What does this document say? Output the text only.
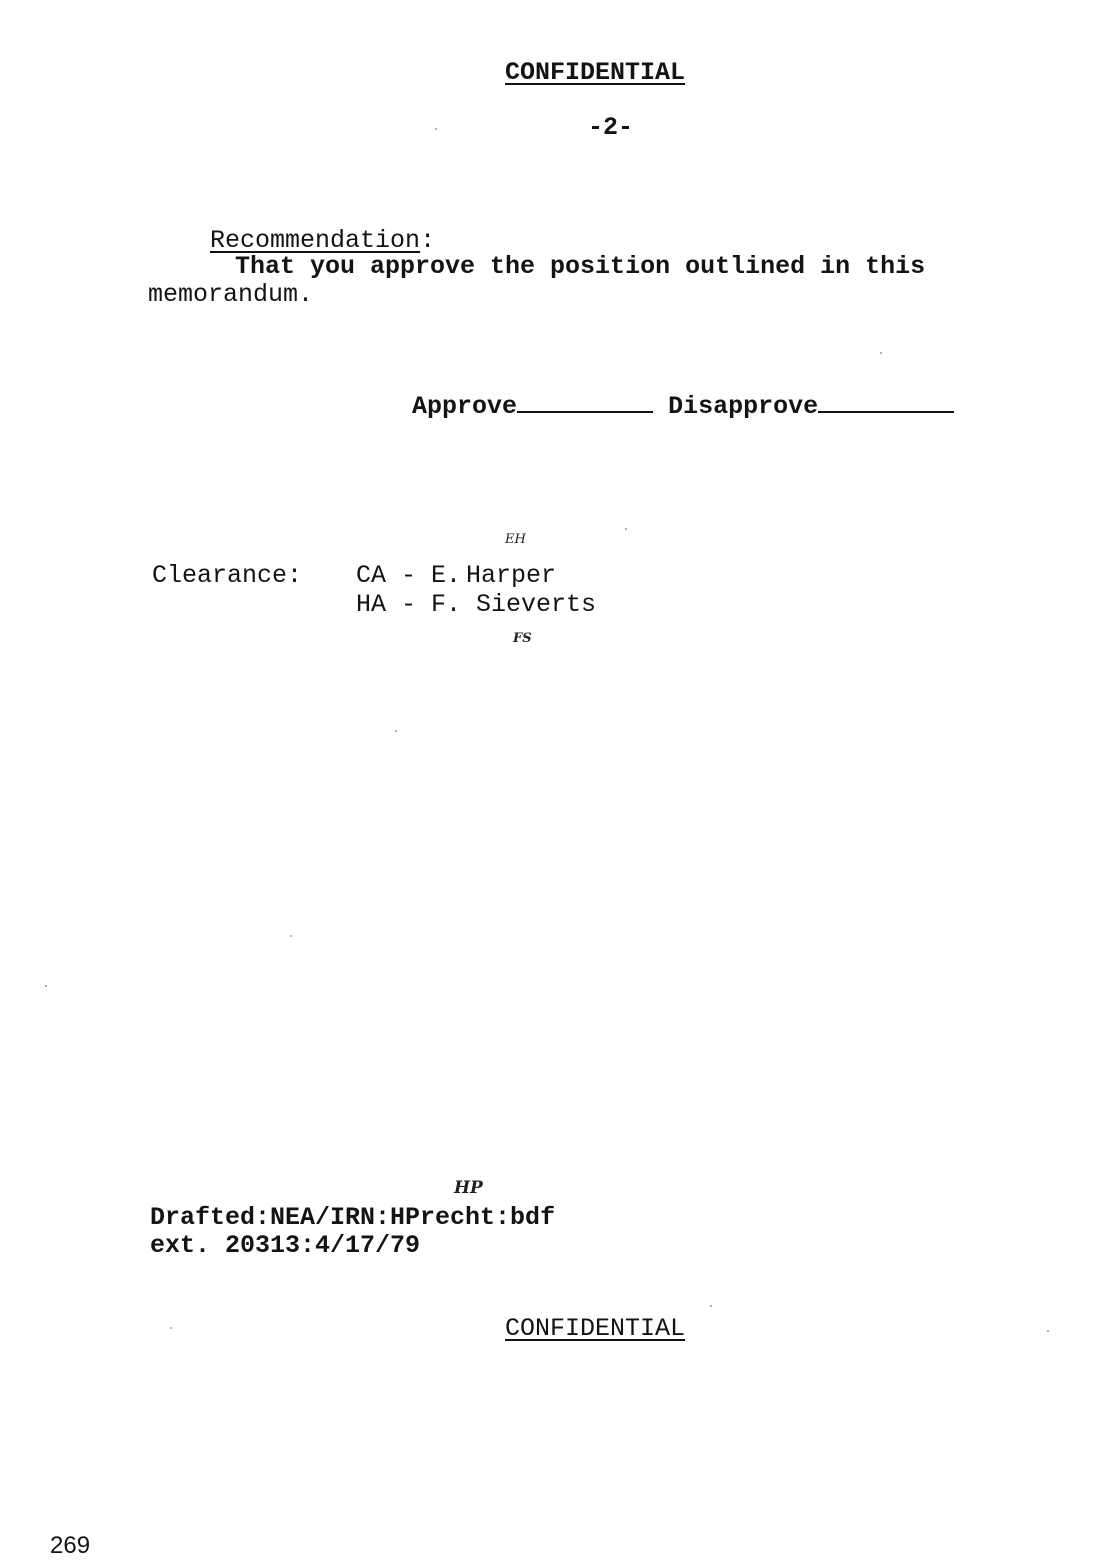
CONFIDENTIAL
-2-

Recommendation:

That you approve the position outlined in this
memorandum.

Approve	Disapprove

EH
Clearance: CA - E. Harper
HA - F. Sieverts
FS
HP
Drafted:NEA/IRN:HPrecht:bdf
ext. 20313:4/17/79
CONFIDENTIAL
269
